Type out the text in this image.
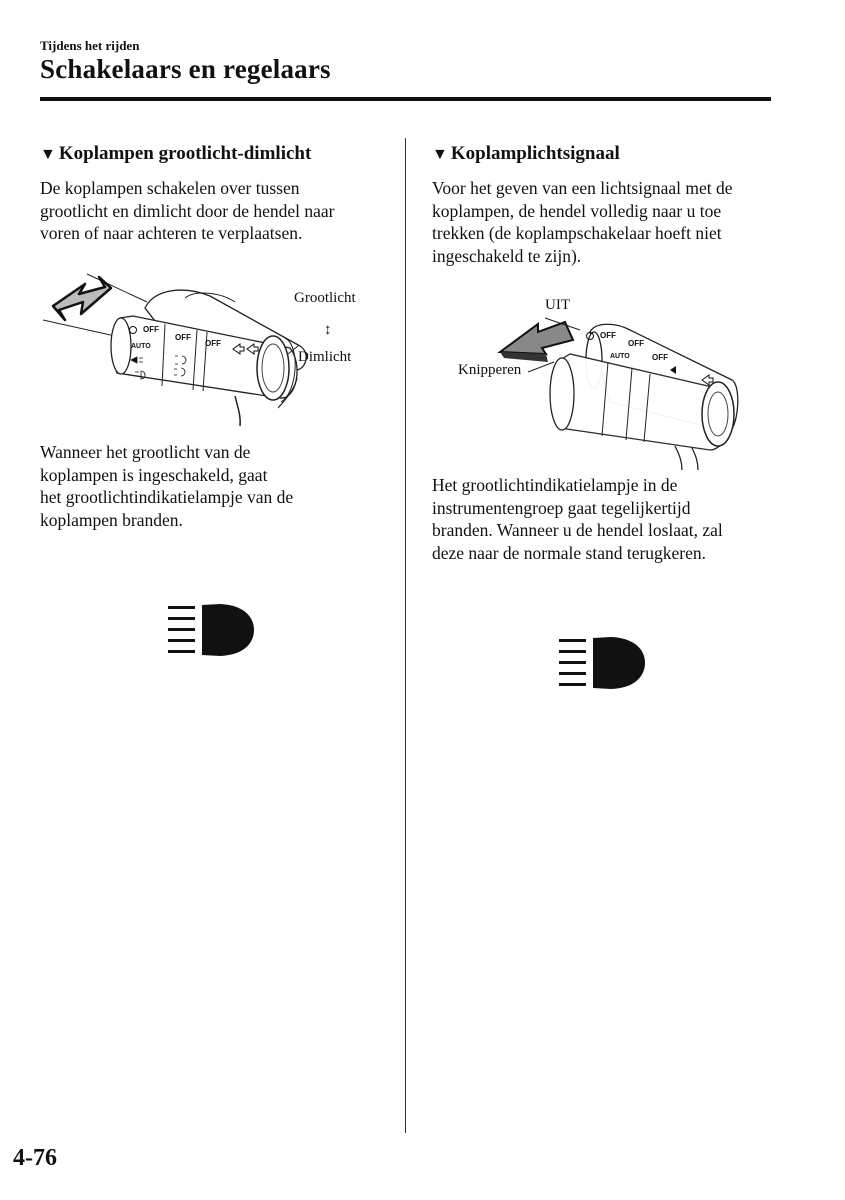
Tijdens het rijden
Schakelaars en regelaars
▼ Koplampen grootlicht-dimlicht
De koplampen schakelen over tussen
grootlicht en dimlicht door de hendel naar
voren of naar achteren te verplaatsen.
OFF
AUTO
OFF
OFF
Grootlicht
↕
Dimlicht
Wanneer het grootlicht van de
koplampen is ingeschakeld, gaat
het grootlichtindikatielampje van de
koplampen branden.
▼ Koplamplichtsignaal
Voor het geven van een lichtsignaal met de
koplampen, de hendel volledig naar u toe
trekken (de koplampschakelaar hoeft niet
ingeschakeld te zijn).
OFF
AUTO
OFF
OFF
UIT
Knipperen
Het grootlichtindikatielampje in de
instrumentengroep gaat tegelijkertijd
branden. Wanneer u de hendel loslaat, zal
deze naar de normale stand terugkeren.
4-76
